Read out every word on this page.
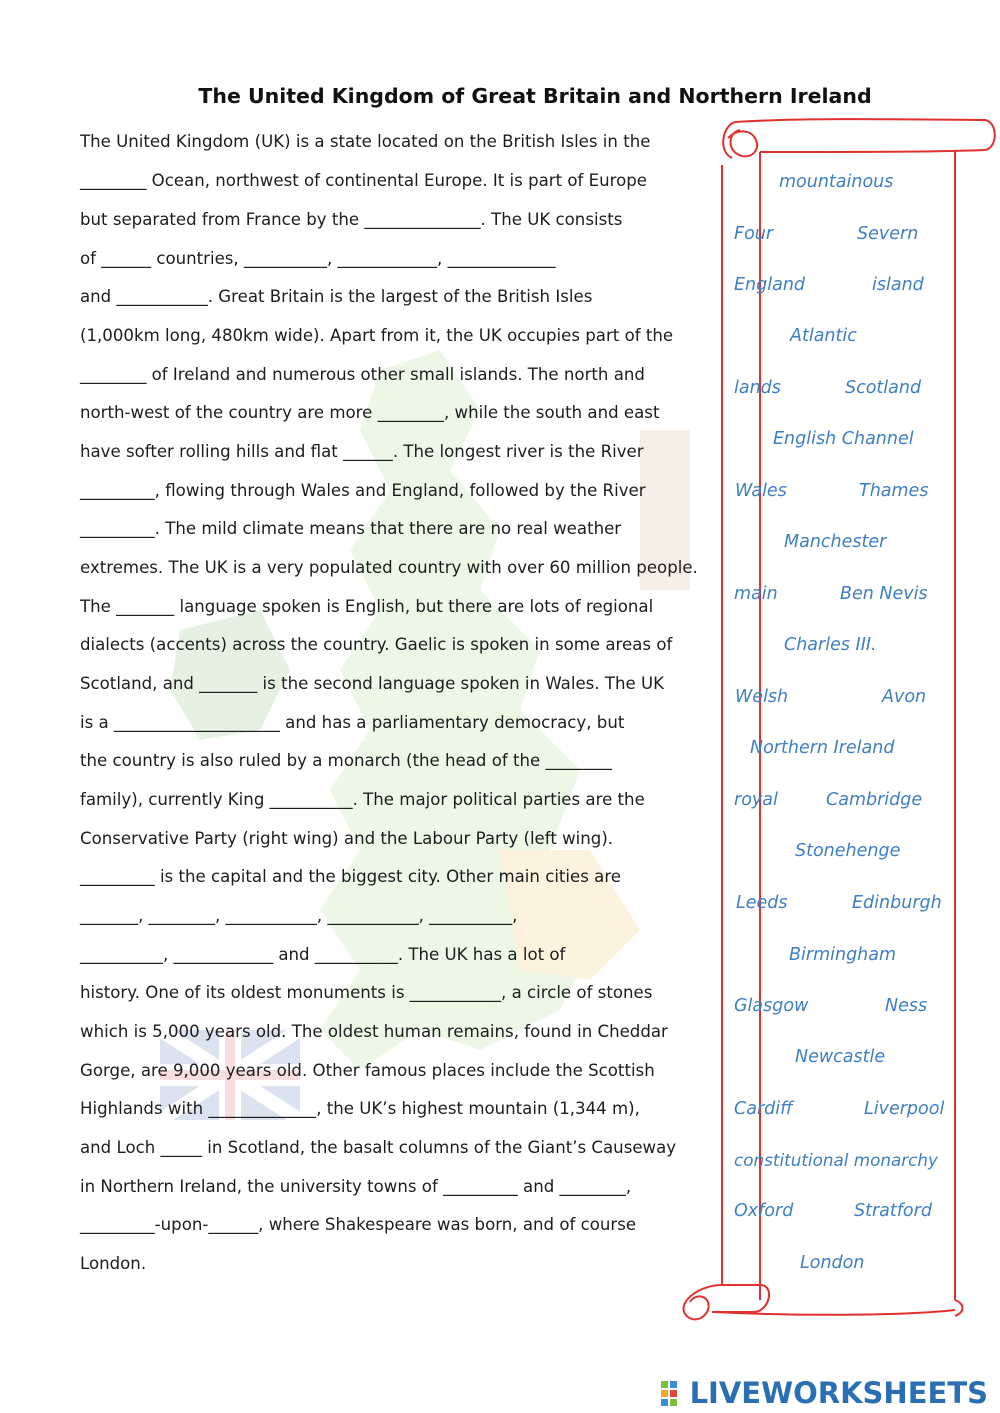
The United Kingdom of Great Britain and Northern Ireland
The United Kingdom (UK) is a state located on the British Isles in the
________ Ocean, northwest of continental Europe. It is part of Europe
but separated from France by the ______________. The UK consists
of ______ countries, __________, ____________, _____________
and ___________. Great Britain is the largest of the British Isles
(1,000km long, 480km wide). Apart from it, the UK occupies part of the
________ of Ireland and numerous other small islands. The north and
north-west of the country are more ________, while the south and east
have softer rolling hills and flat ______. The longest river is the River
_________, flowing through Wales and England, followed by the River
_________. The mild climate means that there are no real weather
extremes. The UK is a very populated country with over 60 million people.
The _______ language spoken is English, but there are lots of regional
dialects (accents) across the country. Gaelic is spoken in some areas of
Scotland, and _______ is the second language spoken in Wales. The UK
is a ____________________ and has a parliamentary democracy, but
the country is also ruled by a monarch (the head of the ________
family), currently King __________. The major political parties are the
Conservative Party (right wing) and the Labour Party (left wing).
_________ is the capital and the biggest city. Other main cities are
_______, ________, ___________, ___________, __________,
__________, ____________ and __________. The UK has a lot of
history. One of its oldest monuments is ___________, a circle of stones
which is 5,000 years old. The oldest human remains, found in Cheddar
Gorge, are 9,000 years old. Other famous places include the Scottish
Highlands with _____________, the UK’s highest mountain (1,344 m),
and Loch _____ in Scotland, the basalt columns of the Giant’s Causeway
in Northern Ireland, the university towns of _________ and ________,
_________-upon-______, where Shakespeare was born, and of course
London.
mountainous
Four	Severn
England	island
Atlantic
lands	Scotland
English Channel
Wales	Thames
Manchester
main	Ben Nevis
Charles III.
Welsh	Avon
Northern Ireland
royal	Cambridge
Stonehenge
Leeds	Edinburgh
Birmingham
Glasgow	Ness
Newcastle
Cardiff	Liverpool
constitutional monarchy
Oxford	Stratford
London
LIVEWORKSHEETS
